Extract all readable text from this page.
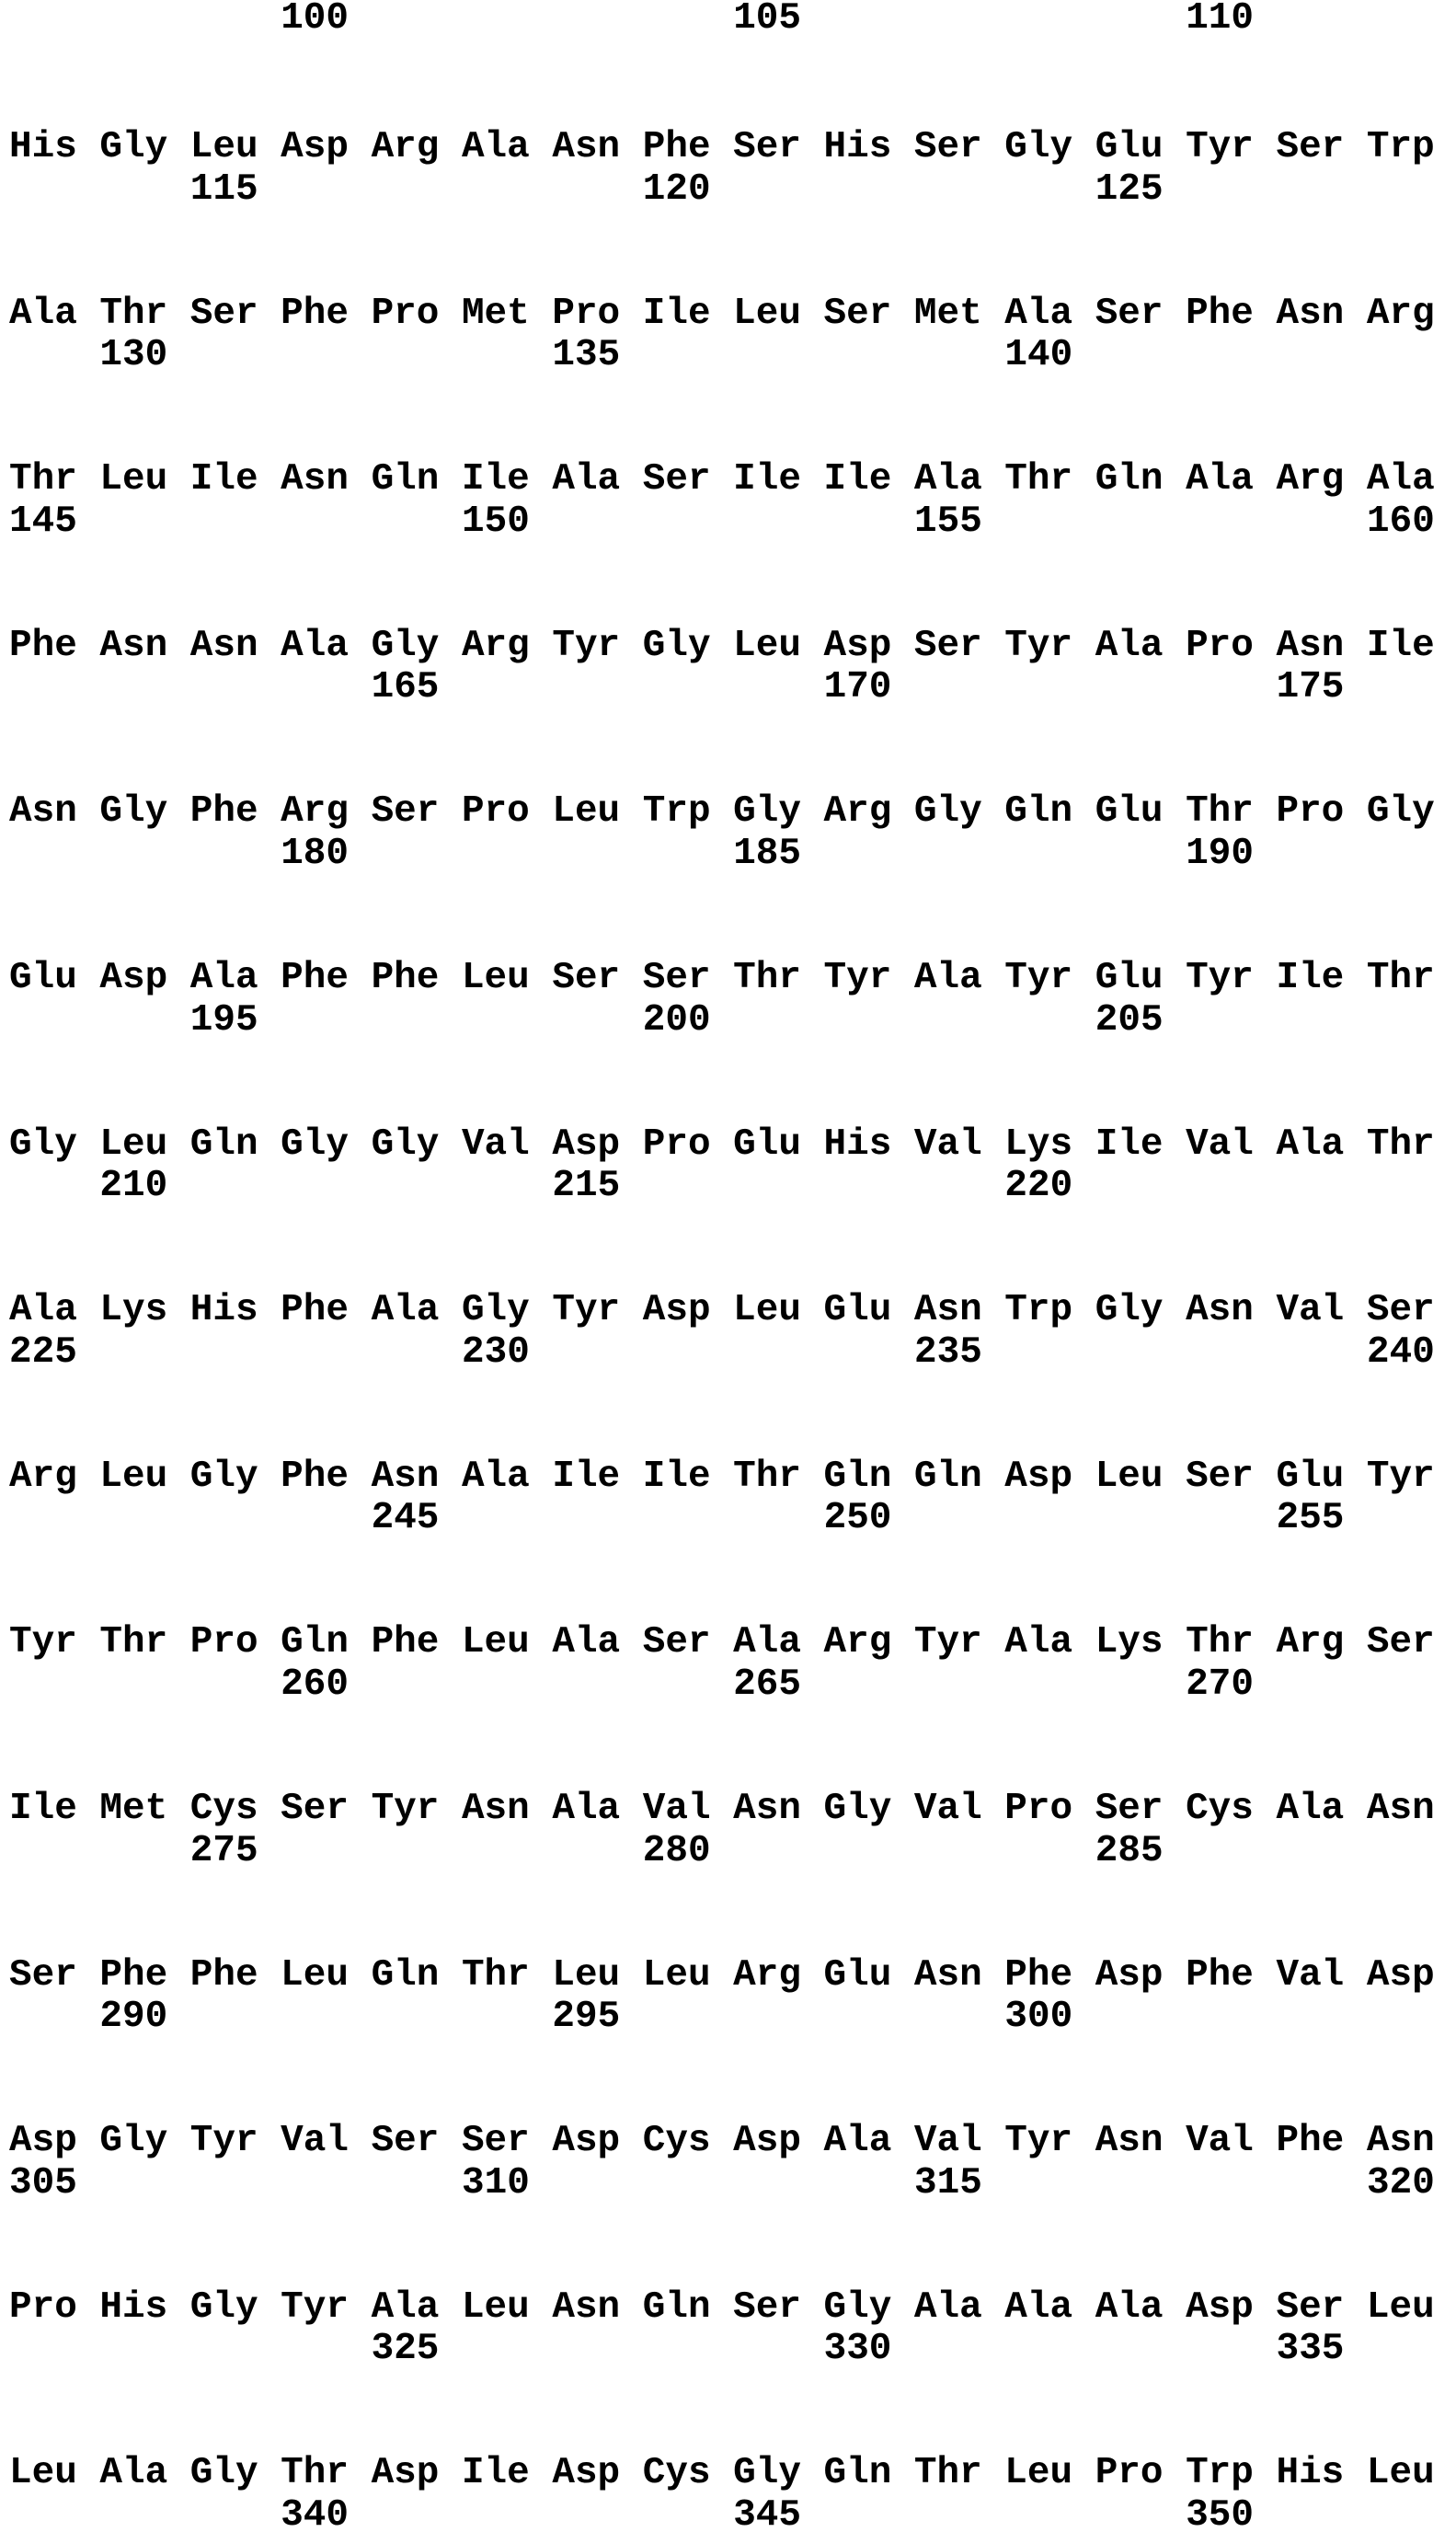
100	105	110
His Gly Leu Asp Arg Ala Asn Phe Ser His Ser Gly Glu Tyr Ser Trp
115	120	125
Ala Thr Ser Phe Pro Met Pro Ile Leu Ser Met Ala Ser Phe Asn Arg
130	135	140
Thr Leu Ile Asn Gln Ile Ala Ser Ile Ile Ala Thr Gln Ala Arg Ala
145	150	155	160
Phe Asn Asn Ala Gly Arg Tyr Gly Leu Asp Ser Tyr Ala Pro Asn Ile
165	170	175
Asn Gly Phe Arg Ser Pro Leu Trp Gly Arg Gly Gln Glu Thr Pro Gly
180	185	190
Glu Asp Ala Phe Phe Leu Ser Ser Thr Tyr Ala Tyr Glu Tyr Ile Thr
195	200	205
Gly Leu Gln Gly Gly Val Asp Pro Glu His Val Lys Ile Val Ala Thr
210	215	220
Ala Lys His Phe Ala Gly Tyr Asp Leu Glu Asn Trp Gly Asn Val Ser
225	230	235	240
Arg Leu Gly Phe Asn Ala Ile Ile Thr Gln Gln Asp Leu Ser Glu Tyr
245	250	255
Tyr Thr Pro Gln Phe Leu Ala Ser Ala Arg Tyr Ala Lys Thr Arg Ser
260	265	270
Ile Met Cys Ser Tyr Asn Ala Val Asn Gly Val Pro Ser Cys Ala Asn
275	280	285
Ser Phe Phe Leu Gln Thr Leu Leu Arg Glu Asn Phe Asp Phe Val Asp
290	295	300
Asp Gly Tyr Val Ser Ser Asp Cys Asp Ala Val Tyr Asn Val Phe Asn
305	310	315	320
Pro His Gly Tyr Ala Leu Asn Gln Ser Gly Ala Ala Ala Asp Ser Leu
325	330	335
Leu Ala Gly Thr Asp Ile Asp Cys Gly Gln Thr Leu Pro Trp His Leu
340	345	350
